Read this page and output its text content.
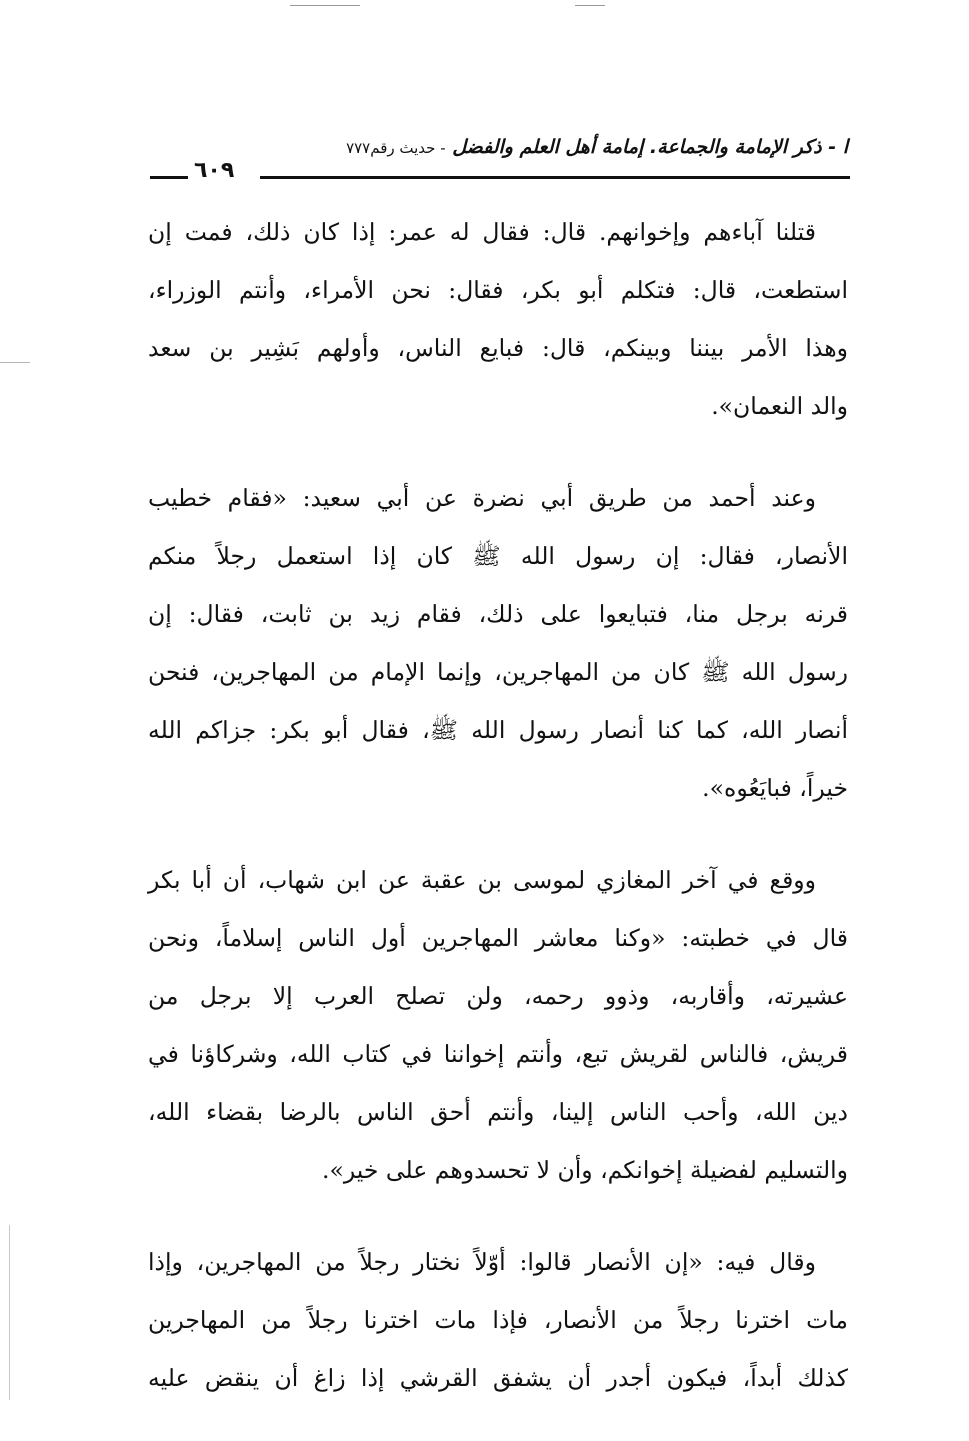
ا - ذكر الإمامة والجماعة. إمامة أهل العلم والفضل - حديث رقم٧٧٧
٦٠٩

قتلنا آباءهم وإخوانهم. قال: فقال له عمر: إذا كان ذلك، فمت إن
استطعت، قال: فتكلم أبو بكر، فقال: نحن الأمراء، وأنتم الوزراء،
وهذا الأمر بيننا وبينكم، قال: فبايع الناس، وأولهم بَشِير بن سعد
والد النعمان».

وعند أحمد من طريق أبي نضرة عن أبي سعيد: «فقام خطيب
الأنصار، فقال: إن رسول الله ﷺ كان إذا استعمل رجلاً منكم
قرنه برجل منا، فتبايعوا على ذلك، فقام زيد بن ثابت، فقال: إن
رسول الله ﷺ كان من المهاجرين، وإنما الإمام من المهاجرين، فنحن
أنصار الله، كما كنا أنصار رسول الله ﷺ، فقال أبو بكر: جزاكم الله
خيراً، فبايَعُوه».

ووقع في آخر المغازي لموسى بن عقبة عن ابن شهاب، أن أبا بكر
قال في خطبته: «وكنا معاشر المهاجرين أول الناس إسلاماً، ونحن
عشيرته، وأقاربه، وذوو رحمه، ولن تصلح العرب إلا برجل من
قريش، فالناس لقريش تبع، وأنتم إخواننا في كتاب الله، وشركاؤنا في
دين الله، وأحب الناس إلينا، وأنتم أحق الناس بالرضا بقضاء الله،
والتسليم لفضيلة إخوانكم، وأن لا تحسدوهم على خير».

وقال فيه: «إن الأنصار قالوا: أوّلاً نختار رجلاً من المهاجرين، وإذا
مات اخترنا رجلاً من الأنصار، فإذا مات اخترنا رجلاً من المهاجرين
كذلك أبداً، فيكون أجدر أن يشفق القرشي إذا زاغ أن ينقض عليه
